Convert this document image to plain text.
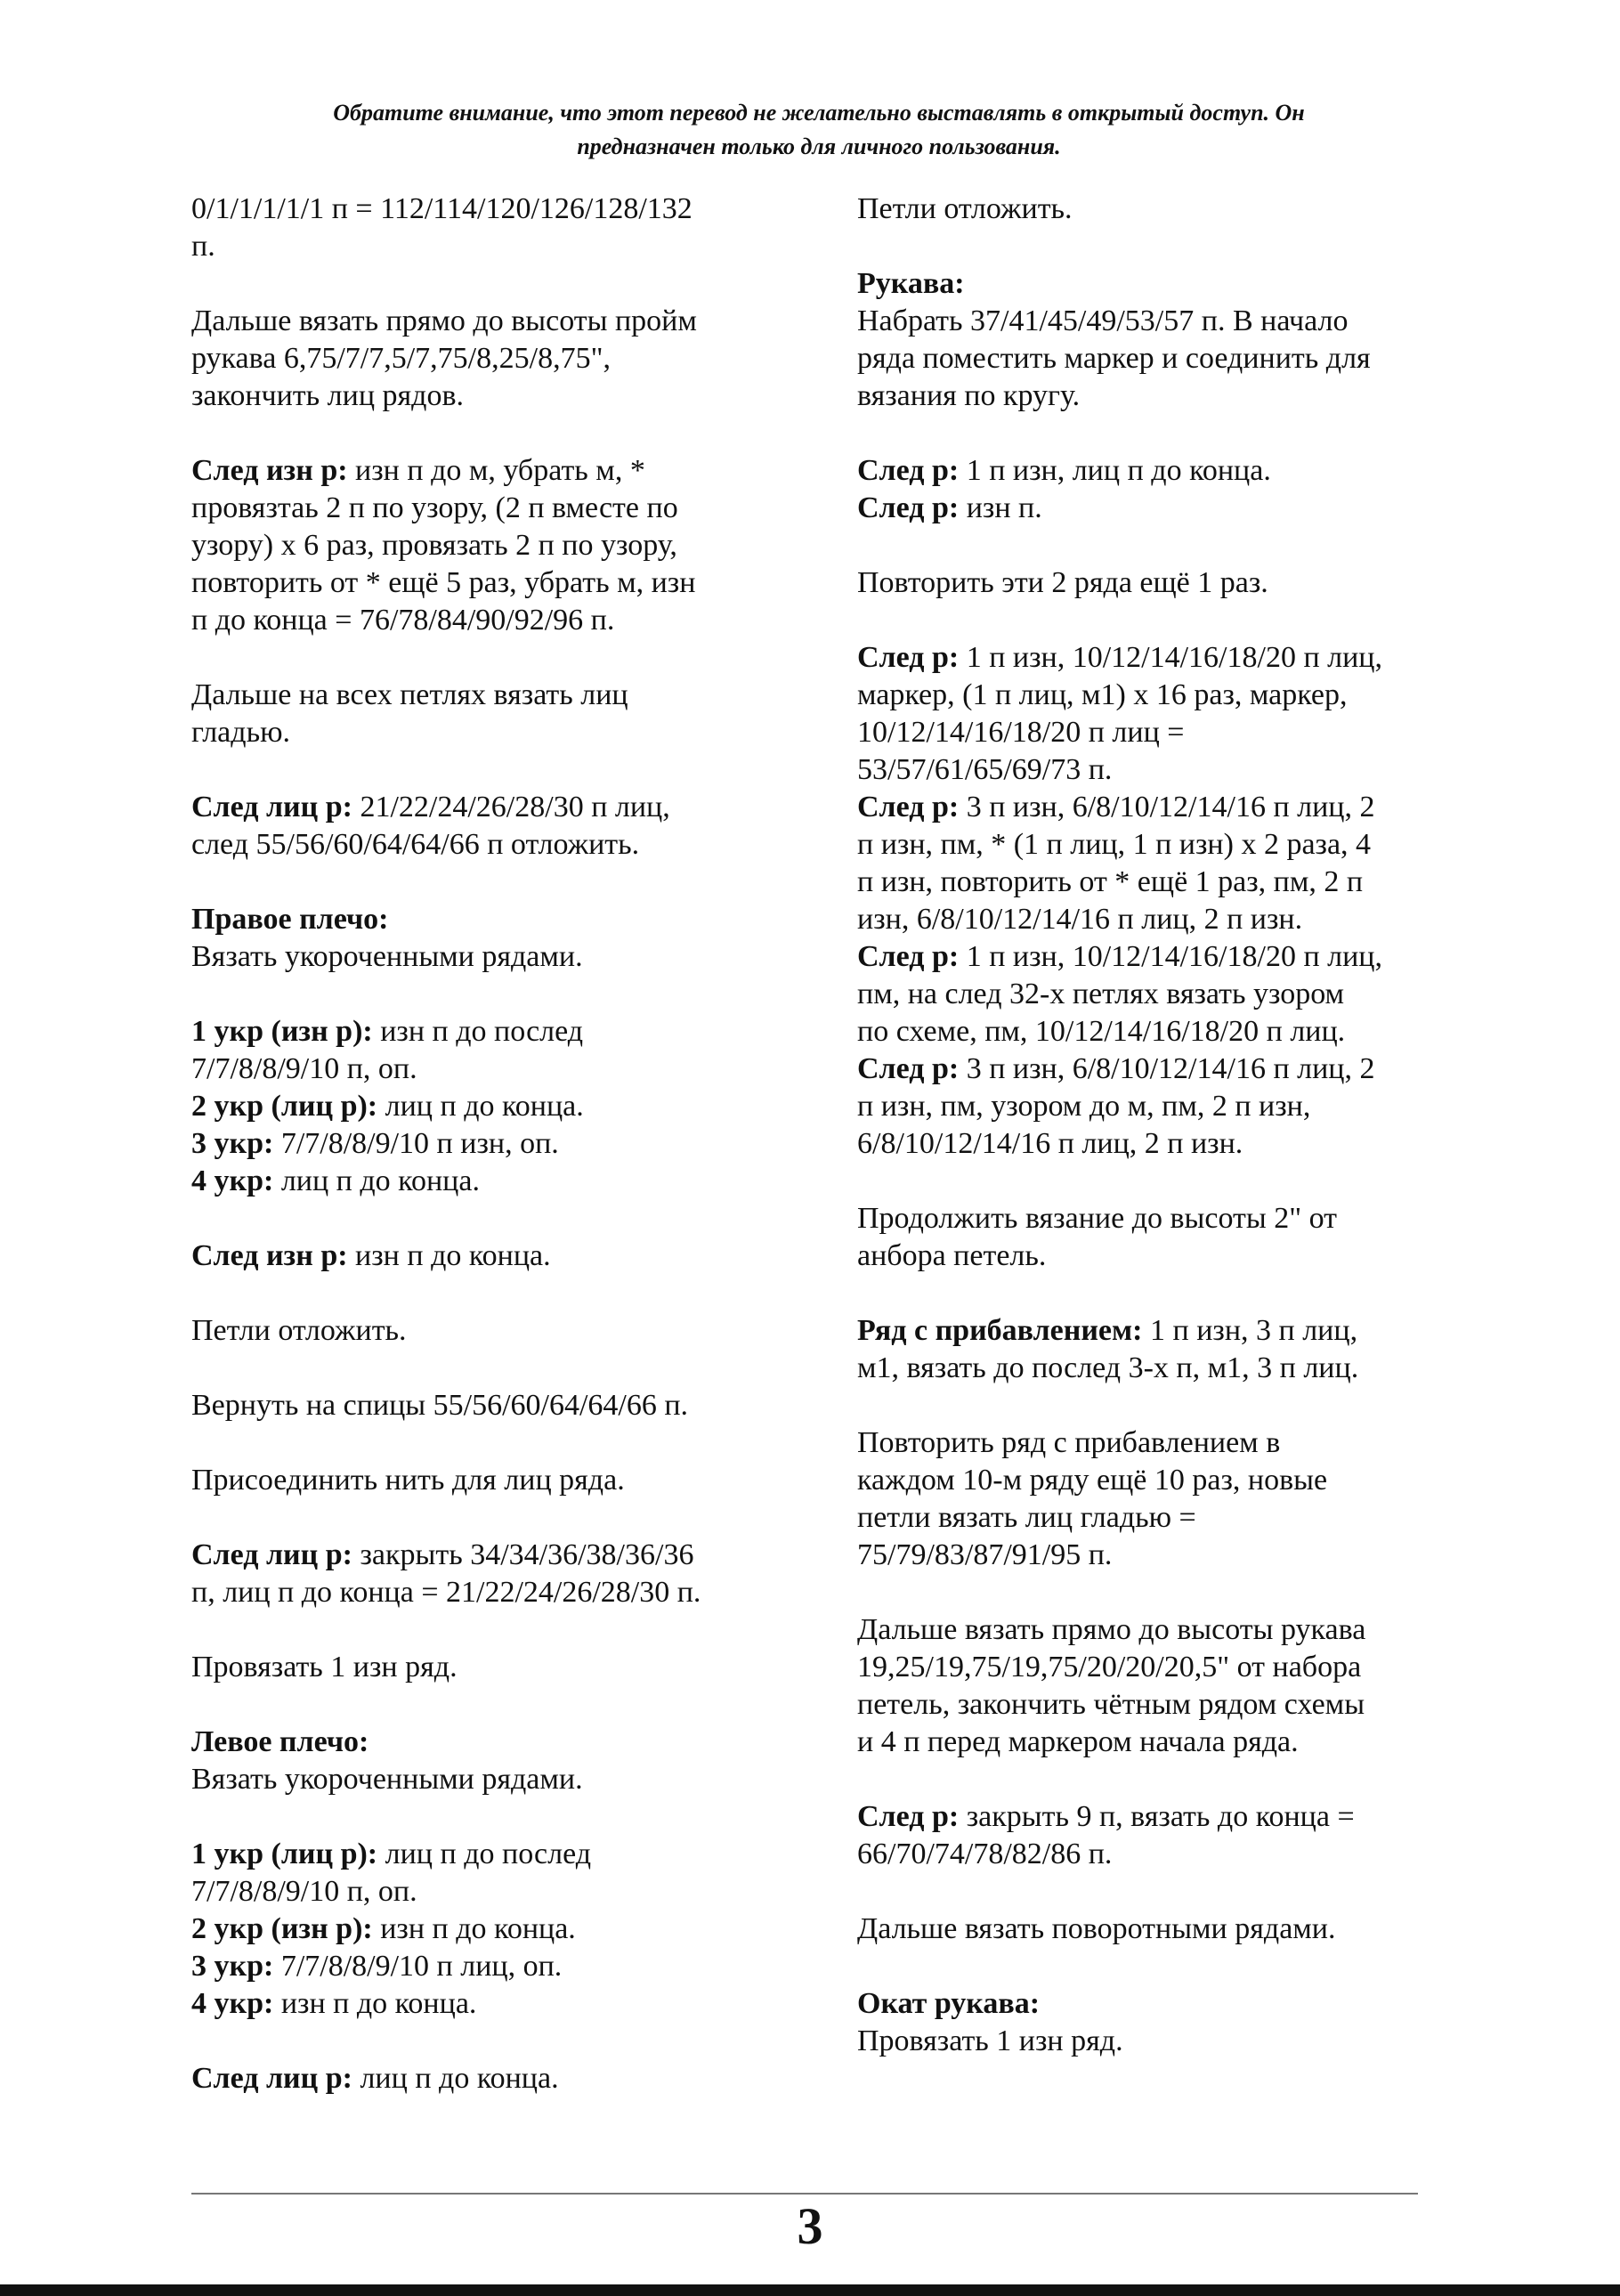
Обратите внимание, что этот перевод не желательно выставлять в открытый доступ. Он
предназначен только для личного пользования.
0/1/1/1/1/1 п = 112/114/120/126/128/132
п.
Дальше вязать прямо до высоты пройм
рукава 6,75/7/7,5/7,75/8,25/8,75",
закончить лиц рядов.
След изн р: изн п до м, убрать м, *
провязтаь 2 п по узору, (2 п вместе по
узору) х 6 раз, провязать 2 п по узору,
повторить от * ещё 5 раз, убрать м, изн
п до конца = 76/78/84/90/92/96 п.
Дальше на всех петлях вязать лиц
гладью.
След лиц р: 21/22/24/26/28/30 п лиц,
след 55/56/60/64/64/66 п отложить.
Правое плечо:
Вязать укороченными рядами.
1 укр (изн р): изн п до послед
7/7/8/8/9/10 п, оп.
2 укр (лиц р): лиц п до конца.
3 укр: 7/7/8/8/9/10 п изн, оп.
4 укр: лиц п до конца.
След изн р: изн п до конца.
Петли отложить.
Вернуть на спицы 55/56/60/64/64/66 п.
Присоединить нить для лиц ряда.
След лиц р: закрыть 34/34/36/38/36/36
п, лиц п до конца = 21/22/24/26/28/30 п.
Провязать 1 изн ряд.
Левое плечо:
Вязать укороченными рядами.
1 укр (лиц р): лиц п до послед
7/7/8/8/9/10 п, оп.
2 укр (изн р): изн п до конца.
3 укр: 7/7/8/8/9/10 п лиц, оп.
4 укр: изн п до конца.
След лиц р: лиц п до конца.
Петли отложить.
Рукава:
Набрать 37/41/45/49/53/57 п. В начало
ряда поместить маркер и соединить для
вязания по кругу.
След р: 1 п изн, лиц п до конца.
След р: изн п.
Повторить эти 2 ряда ещё 1 раз.
След р: 1 п изн, 10/12/14/16/18/20 п лиц,
маркер, (1 п лиц, м1) х 16 раз, маркер,
10/12/14/16/18/20 п лиц =
53/57/61/65/69/73 п.
След р: 3 п изн, 6/8/10/12/14/16 п лиц, 2
п изн, пм, * (1 п лиц, 1 п изн) х 2 раза, 4
п изн, повторить от * ещё 1 раз, пм, 2 п
изн, 6/8/10/12/14/16 п лиц, 2 п изн.
След р: 1 п изн, 10/12/14/16/18/20 п лиц,
пм, на след 32-х петлях вязать узором
по схеме, пм, 10/12/14/16/18/20 п лиц.
След р: 3 п изн, 6/8/10/12/14/16 п лиц, 2
п изн, пм, узором до м, пм, 2 п изн,
6/8/10/12/14/16 п лиц, 2 п изн.
Продолжить вязание до высоты 2" от
анбора петель.
Ряд с прибавлением: 1 п изн, 3 п лиц,
м1, вязать до послед 3-х п, м1, 3 п лиц.
Повторить ряд с прибавлением в
каждом 10-м ряду ещё 10 раз, новые
петли вязать лиц гладью =
75/79/83/87/91/95 п.
Дальше вязать прямо до высоты рукава
19,25/19,75/19,75/20/20/20,5" от набора
петель, закончить чётным рядом схемы
и 4 п перед маркером начала ряда.
След р: закрыть 9 п, вязать до конца =
66/70/74/78/82/86 п.
Дальше вязать поворотными рядами.
Окат рукава:
Провязать 1 изн ряд.
3
